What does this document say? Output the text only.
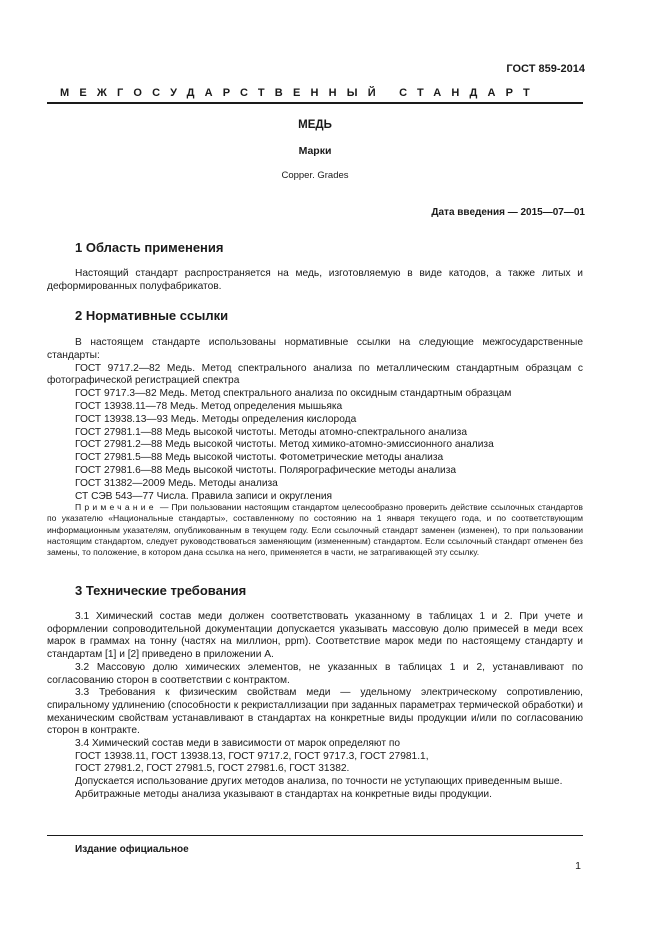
ГОСТ 859-2014
МЕЖГОСУДАРСТВЕННЫЙ СТАНДАРТ
МЕДЬ
Марки
Copper. Grades
Дата введения — 2015—07—01
1 Область применения

Настоящий стандарт распространяется на медь, изготовляемую в виде катодов, а также литых и деформированных полуфабрикатов.

2 Нормативные ссылки

В настоящем стандарте использованы нормативные ссылки на следующие межгосударственные стандарты:

ГОСТ 9717.2—82 Медь. Метод спектрального анализа по металлическим стандартным образцам с фотографической регистрацией спектра

ГОСТ 9717.3—82 Медь. Метод спектрального анализа по оксидным стандартным образцам

ГОСТ 13938.11—78 Медь. Метод определения мышьяка

ГОСТ 13938.13—93 Медь. Методы определения кислорода

ГОСТ 27981.1—88 Медь высокой чистоты. Методы атомно-спектрального анализа

ГОСТ 27981.2—88 Медь высокой чистоты. Метод химико-атомно-эмиссионного анализа

ГОСТ 27981.5—88 Медь высокой чистоты. Фотометрические методы анализа

ГОСТ 27981.6—88 Медь высокой чистоты. Полярографические методы анализа

ГОСТ 31382—2009 Медь. Методы анализа

СТ СЭВ 543—77 Числа. Правила записи и округления

Примечание — При пользовании настоящим стандартом целесообразно проверить действие ссылочных стандартов по указателю «Национальные стандарты», составленному по состоянию на 1 января текущего года, и по соответствующим информационным указателям, опубликованным в текущем году. Если ссылочный стандарт заменен (изменен), то при пользовании настоящим стандартом, следует руководствоваться заменяющим (измененным) стандартом. Если ссылочный стандарт отменен без замены, то положение, в котором дана ссылка на него, применяется в части, не затрагивающей эту ссылку.

3 Технические требования

3.1 Химический состав меди должен соответствовать указанному в таблицах 1 и 2. При учете и оформлении сопроводительной документации допускается указывать массовую долю примесей в меди всех марок в граммах на тонну (частях на миллион, ppm). Соответствие марок меди по настоящему стандарту и стандартам [1] и [2] приведено в приложении А.

3.2 Массовую долю химических элементов, не указанных в таблицах 1 и 2, устанавливают по согласованию сторон в соответствии с контрактом.

3.3 Требования к физическим свойствам меди — удельному электрическому сопротивлению, спиральному удлинению (способности к рекристаллизации при заданных параметрах термической обработки) и механическим свойствам устанавливают в стандартах на конкретные виды продукции и/или по согласованию сторон в контракте.

3.4 Химический состав меди в зависимости от марок определяют по

ГОСТ 13938.11, ГОСТ 13938.13, ГОСТ 9717.2, ГОСТ 9717.3, ГОСТ 27981.1,

ГОСТ 27981.2, ГОСТ 27981.5, ГОСТ 27981.6, ГОСТ 31382.

Допускается использование других методов анализа, по точности не уступающих приведенным выше.

Арбитражные методы анализа указывают в стандартах на конкретные виды продукции.

Издание официальное
1
